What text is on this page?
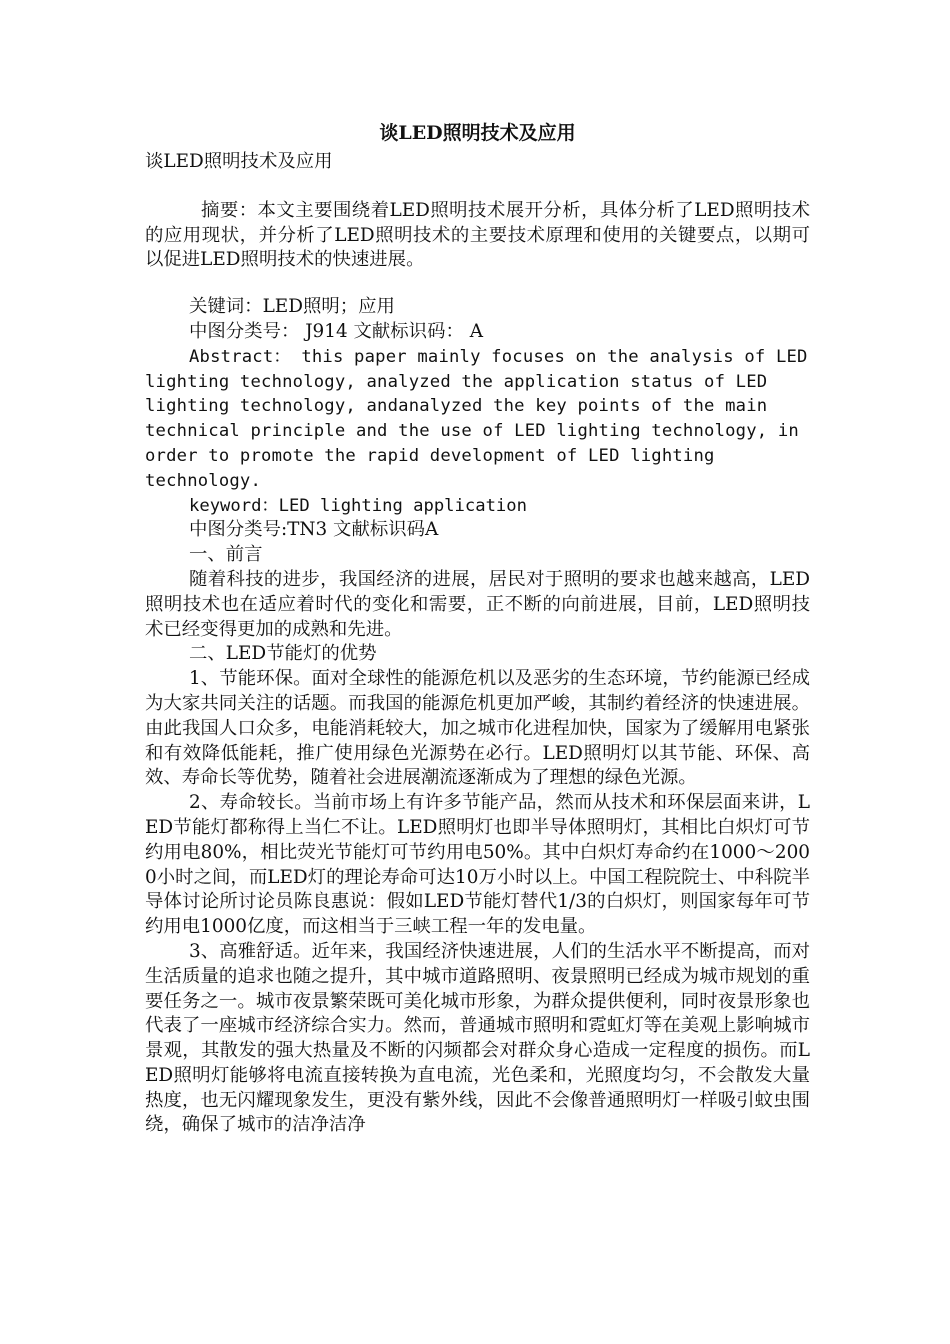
谈LED照明技术及应用

谈LED照明技术及应用

摘要：本文主要围绕着LED照明技术展开分析，具体分析了LED照明技术的应用现状，并分析了LED照明技术的主要技术原理和使用的关键要点，以期可以促进LED照明技术的快速进展。

关键词：LED照明；应用

中图分类号： J914 文献标识码： A

Abstract： this paper mainly focuses on the analysis of LED lighting technology, analyzed the application status of LED lighting technology, andanalyzed the key points of the main technical principle and the use of LED lighting technology, in order to promote the rapid development of LED lighting technology.

keyword：LED lighting application

中图分类号:TN3 文献标识码A

一、前言

随着科技的进步，我国经济的进展，居民对于照明的要求也越来越高，LED照明技术也在适应着时代的变化和需要，正不断的向前进展，目前，LED照明技术已经变得更加的成熟和先进。

二、LED节能灯的优势

1、节能环保。面对全球性的能源危机以及恶劣的生态环境，节约能源已经成为大家共同关注的话题。而我国的能源危机更加严峻，其制约着经济的快速进展。由此我国人口众多，电能消耗较大，加之城市化进程加快，国家为了缓解用电紧张和有效降低能耗，推广使用绿色光源势在必行。LED照明灯以其节能、环保、高效、寿命长等优势，随着社会进展潮流逐渐成为了理想的绿色光源。

2、寿命较长。当前市场上有许多节能产品，然而从技术和环保层面来讲，LED节能灯都称得上当仁不让。LED照明灯也即半导体照明灯，其相比白炽灯可节约用电80%，相比荧光节能灯可节约用电50%。其中白炽灯寿命约在1000～2000小时之间，而LED灯的理论寿命可达10万小时以上。中国工程院院士、中科院半导体讨论所讨论员陈良惠说：假如LED节能灯替代1/3的白炽灯，则国家每年可节约用电1000亿度，而这相当于三峡工程一年的发电量。

3、高雅舒适。近年来，我国经济快速进展，人们的生活水平不断提高，而对生活质量的追求也随之提升，其中城市道路照明、夜景照明已经成为城市规划的重要任务之一。城市夜景繁荣既可美化城市形象，为群众提供便利，同时夜景形象也代表了一座城市经济综合实力。然而，普通城市照明和霓虹灯等在美观上影响城市景观，其散发的强大热量及不断的闪频都会对群众身心造成一定程度的损伤。而LED照明灯能够将电流直接转换为直电流，光色柔和，光照度均匀，不会散发大量热度，也无闪耀现象发生，更没有紫外线，因此不会像普通照明灯一样吸引蚊虫围绕，确保了城市的洁净洁净
